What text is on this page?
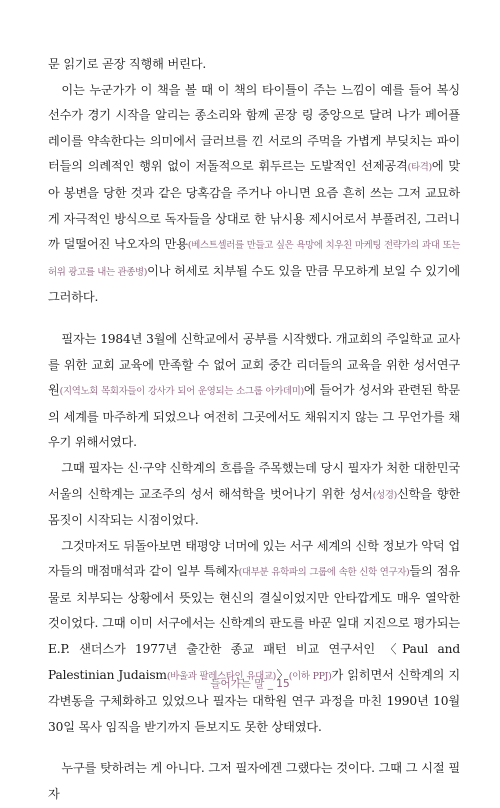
문 읽기로 곧장 직행해 버린다.

이는 누군가가 이 책을 볼 때 이 책의 타이틀이 주는 느낌이 예를 들어 복싱 선수가 경기 시작을 알리는 종소리와 함께 곧장 링 중앙으로 달려 나가 페어플레이를 약속한다는 의미에서 글러브를 낀 서로의 주먹을 가볍게 부딪치는 파이터들의 의례적인 행위 없이 저돌적으로 휘두르는 도발적인 선제공격(타격)에 맞아 봉변을 당한 것과 같은 당혹감을 주거나 아니면 요즘 흔히 쓰는 그저 교묘하게 자극적인 방식으로 독자들을 상대로 한 낚시용 제시어로서 부풀려진, 그러니까 덜떨어진 낙오자의 만용(베스트셀러를 만들고 싶은 욕망에 치우친 마케팅 전략가의 과대 또는 허위 광고를 내는 관종병)이나 허세로 치부될 수도 있을 만큼 무모하게 보일 수 있기에 그러하다.

필자는 1984년 3월에 신학교에서 공부를 시작했다. 개교회의 주일학교 교사를 위한 교회 교육에 만족할 수 없어 교회 중간 리더들의 교육을 위한 성서연구원(지역노회 목회자들이 강사가 되어 운영되는 소그룹 아카데미)에 들어가 성서와 관련된 학문의 세계를 마주하게 되었으나 여전히 그곳에서도 채워지지 않는 그 무언가를 채우기 위해서였다.

그때 필자는 신·구약 신학계의 흐름을 주목했는데 당시 필자가 처한 대한민국 서울의 신학계는 교조주의 성서 해석학을 벗어나기 위한 성서(성경)신학을 향한 몸짓이 시작되는 시점이었다.

그것마저도 뒤돌아보면 태평양 너머에 있는 서구 세계의 신학 정보가 악덕 업자들의 매점매석과 같이 일부 특혜자(대부분 유학파의 그룹에 속한 신학 연구자)들의 점유물로 치부되는 상황에서 뜻있는 현신의 결실이었지만 안타깝게도 매우 열악한 것이었다. 그때 이미 서구에서는 신학계의 판도를 바꾼 일대 지진으로 평가되는 E.P. 샌더스가 1977년 출간한 종교 패턴 비교 연구서인 〈Paul and Palestinian Judaism(바울과 팔레스타인 유대교)〉(이하 PPJ)가 읽히면서 신학계의 지각변동을 구체화하고 있었으나 필자는 대학원 연구 과정을 마친 1990년 10월 30일 목사 임직을 받기까지 듣보지도 못한 상태였다.

누구를 탓하려는 게 아니다. 그저 필자에겐 그랬다는 것이다. 그때 그 시절 필자

들어가는 말 _ 15
